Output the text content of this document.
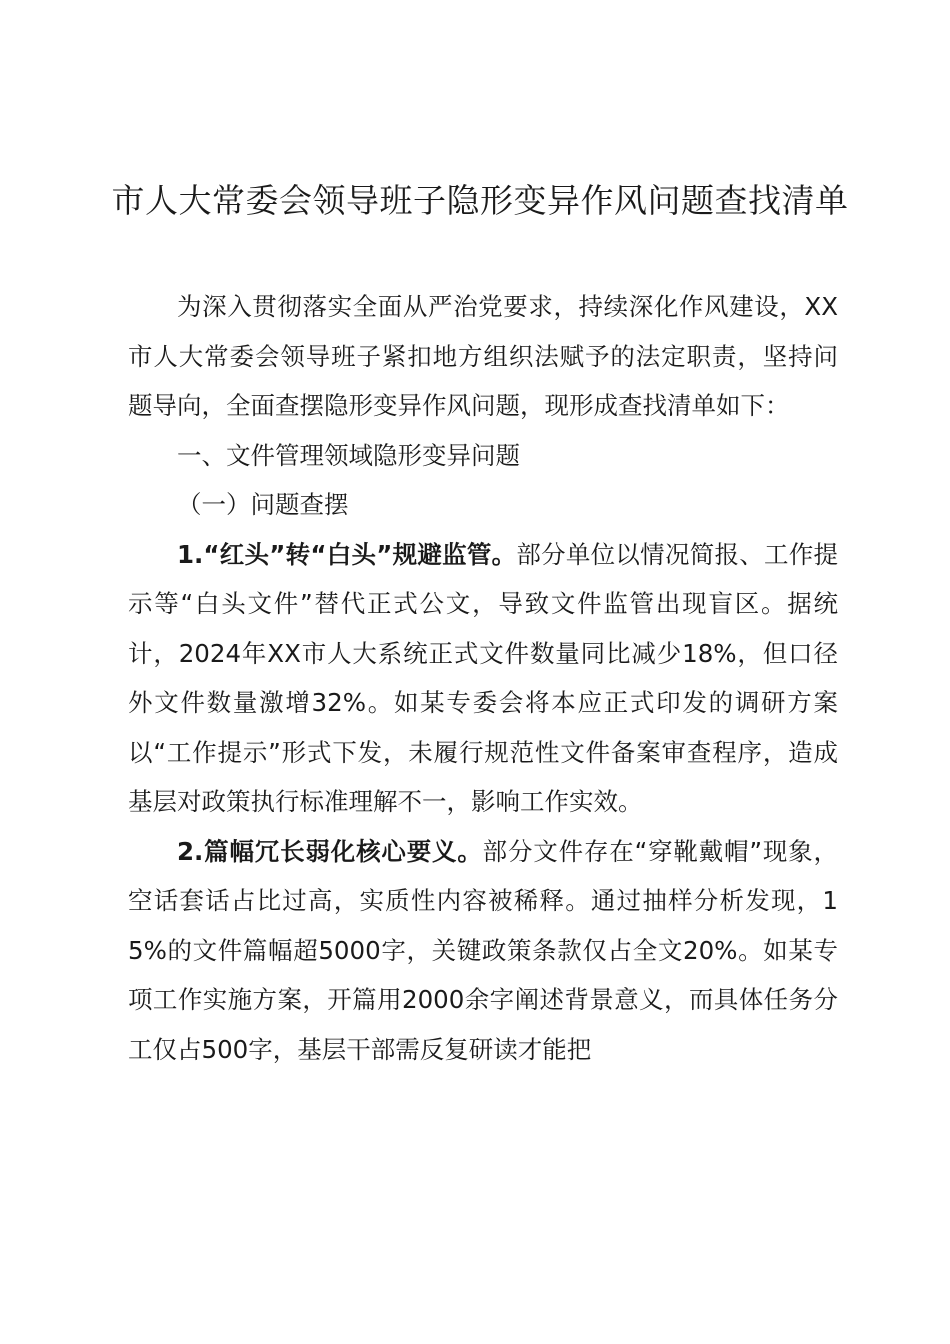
市人大常委会领导班子隐形变异作风问题查找清单

为深入贯彻落实全面从严治党要求，持续深化作风建设，XX市人大常委会领导班子紧扣地方组织法赋予的法定职责，坚持问题导向，全面查摆隐形变异作风问题，现形成查找清单如下：

一、文件管理领域隐形变异问题

（一）问题查摆

1.“红头”转“白头”规避监管。部分单位以情况简报、工作提示等“白头文件”替代正式公文，导致文件监管出现盲区。据统计，2024年XX市人大系统正式文件数量同比减少18%，但口径外文件数量激增32%。如某专委会将本应正式印发的调研方案以“工作提示”形式下发，未履行规范性文件备案审查程序，造成基层对政策执行标准理解不一，影响工作实效。

2.篇幅冗长弱化核心要义。部分文件存在“穿靴戴帽”现象，空话套话占比过高，实质性内容被稀释。通过抽样分析发现，15%的文件篇幅超5000字，关键政策条款仅占全文20%。如某专项工作实施方案，开篇用2000余字阐述背景意义，而具体任务分工仅占500字，基层干部需反复研读才能把
